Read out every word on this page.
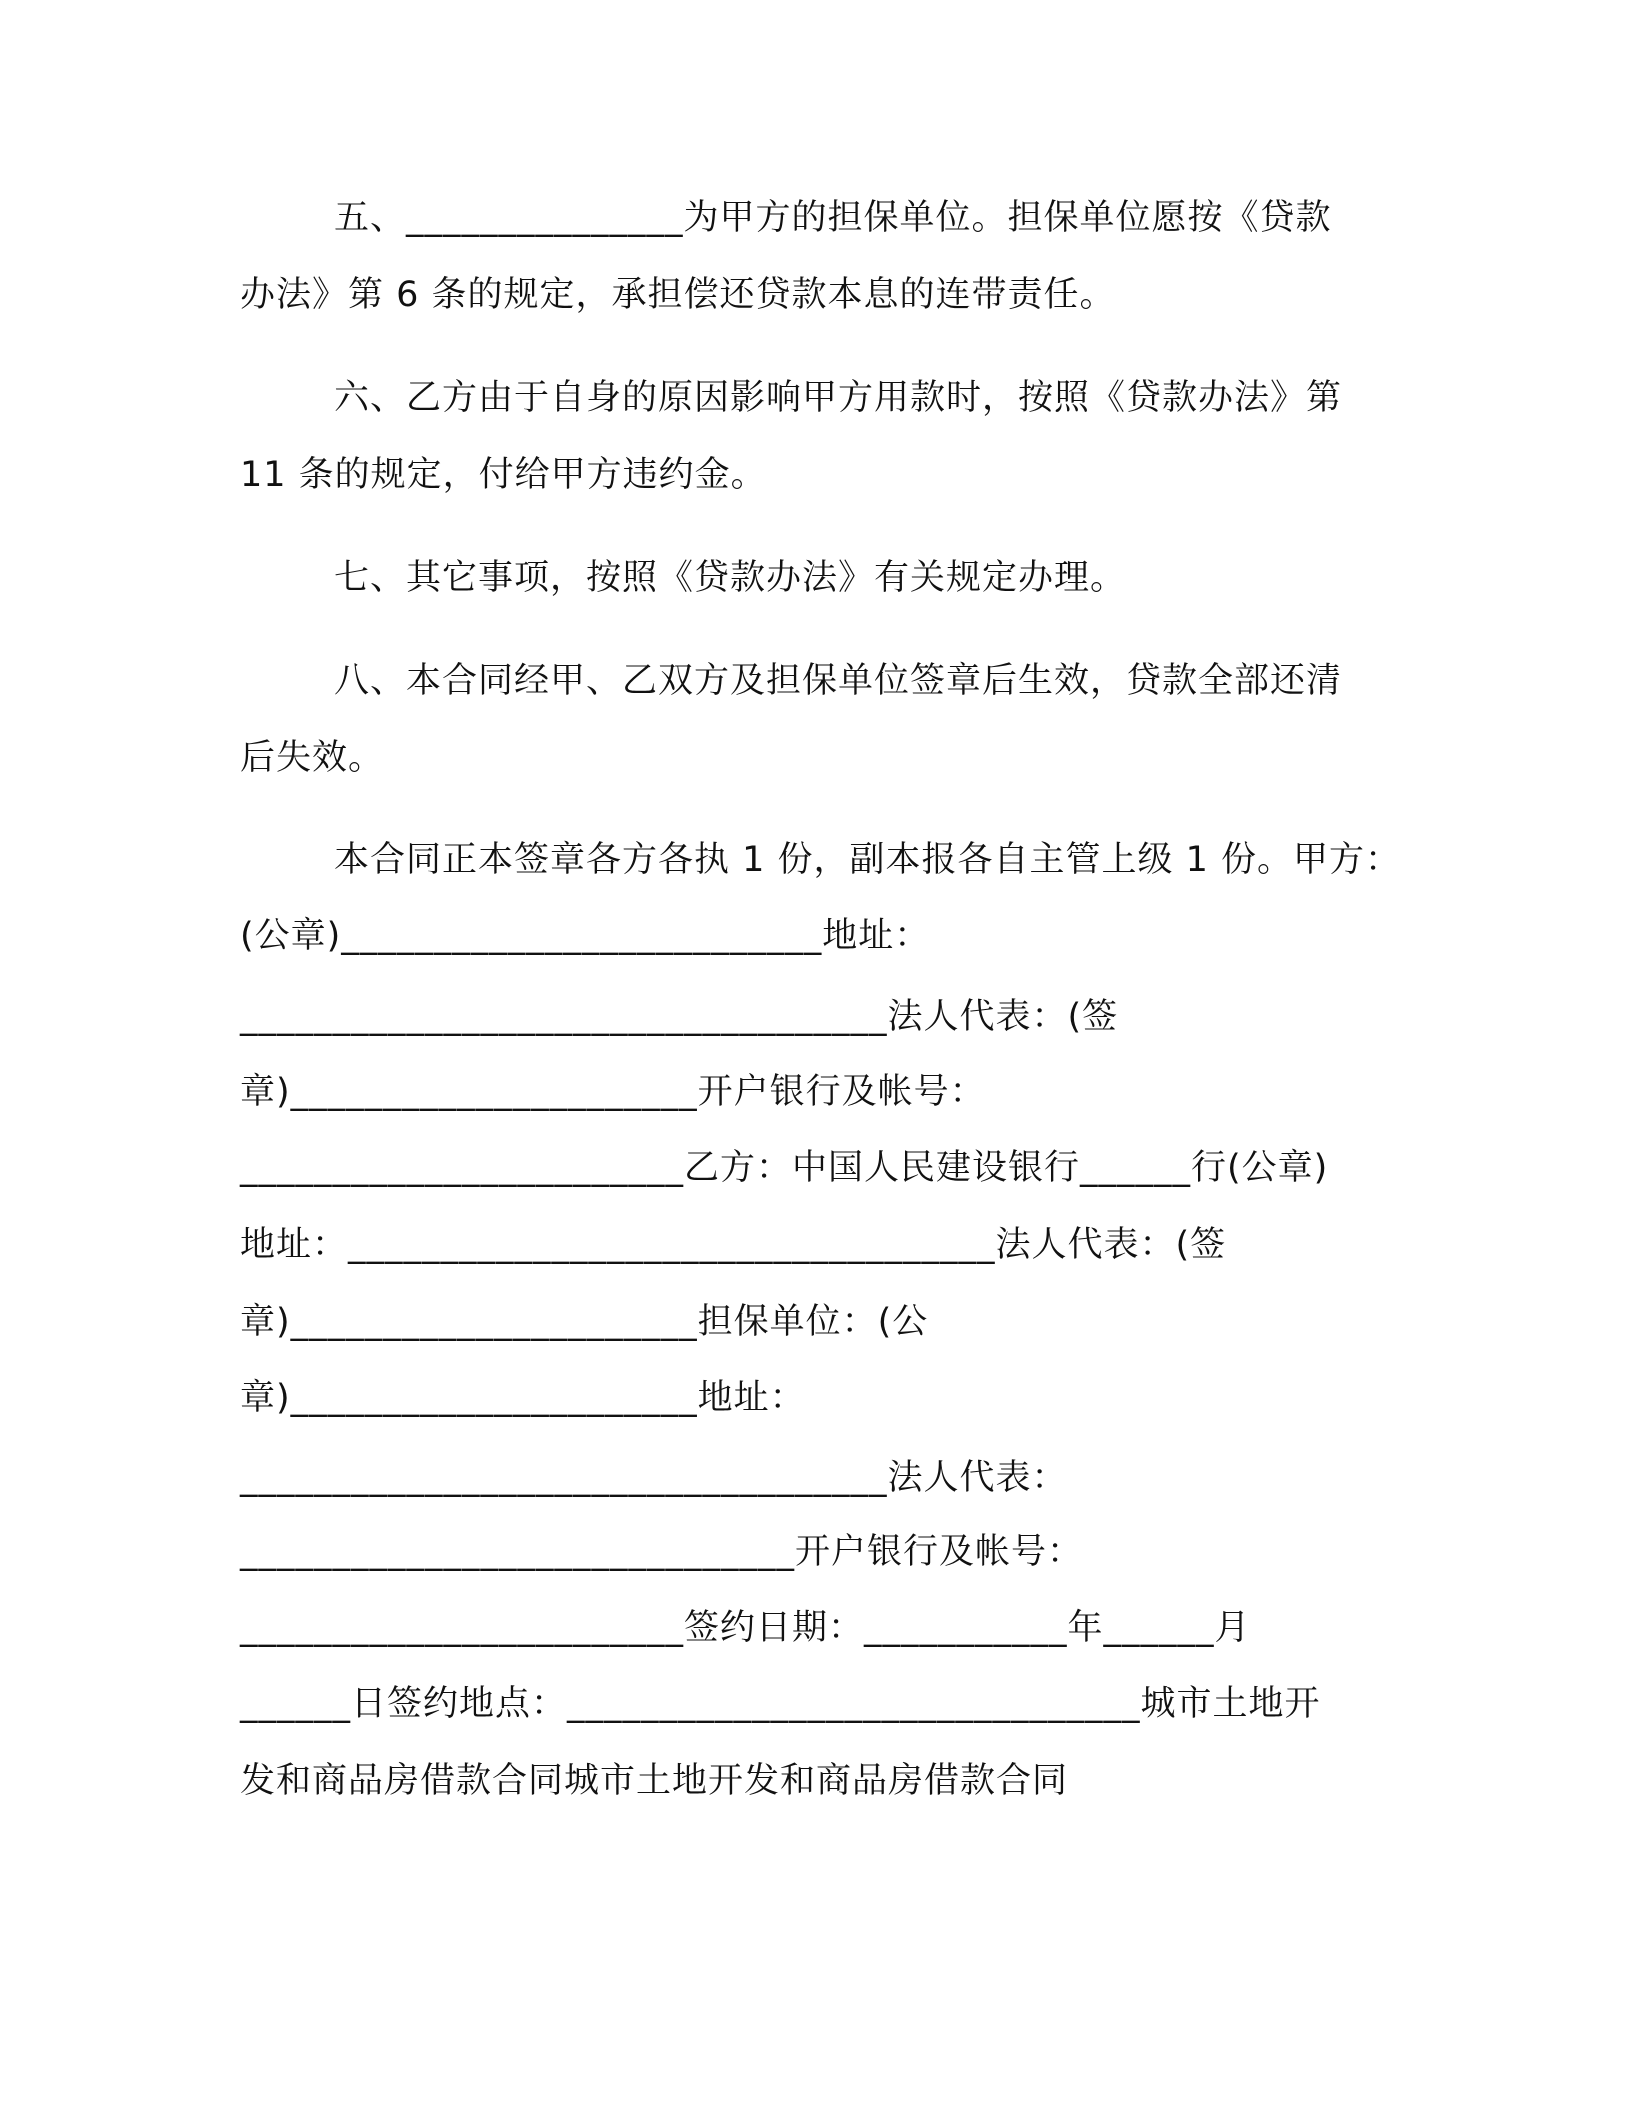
五、_______________为甲方的担保单位。担保单位愿按《贷款
办法》第 6 条的规定，承担偿还贷款本息的连带责任。
六、乙方由于自身的原因影响甲方用款时，按照《贷款办法》第
11 条的规定，付给甲方违约金。
七、其它事项，按照《贷款办法》有关规定办理。
八、本合同经甲、乙双方及担保单位签章后生效，贷款全部还清
后失效。
本合同正本签章各方各执 1 份，副本报各自主管上级 1 份。甲方：
(公章)__________________________地址：
___________________________________法人代表：(签
章)______________________开户银行及帐号：
________________________乙方：中国人民建设银行______行(公章)
地址：___________________________________法人代表：(签
章)______________________担保单位：(公
章)______________________地址：
___________________________________法人代表：
______________________________开户银行及帐号：
________________________签约日期：___________年______月
______日签约地点：_______________________________城市土地开
发和商品房借款合同城市土地开发和商品房借款合同
